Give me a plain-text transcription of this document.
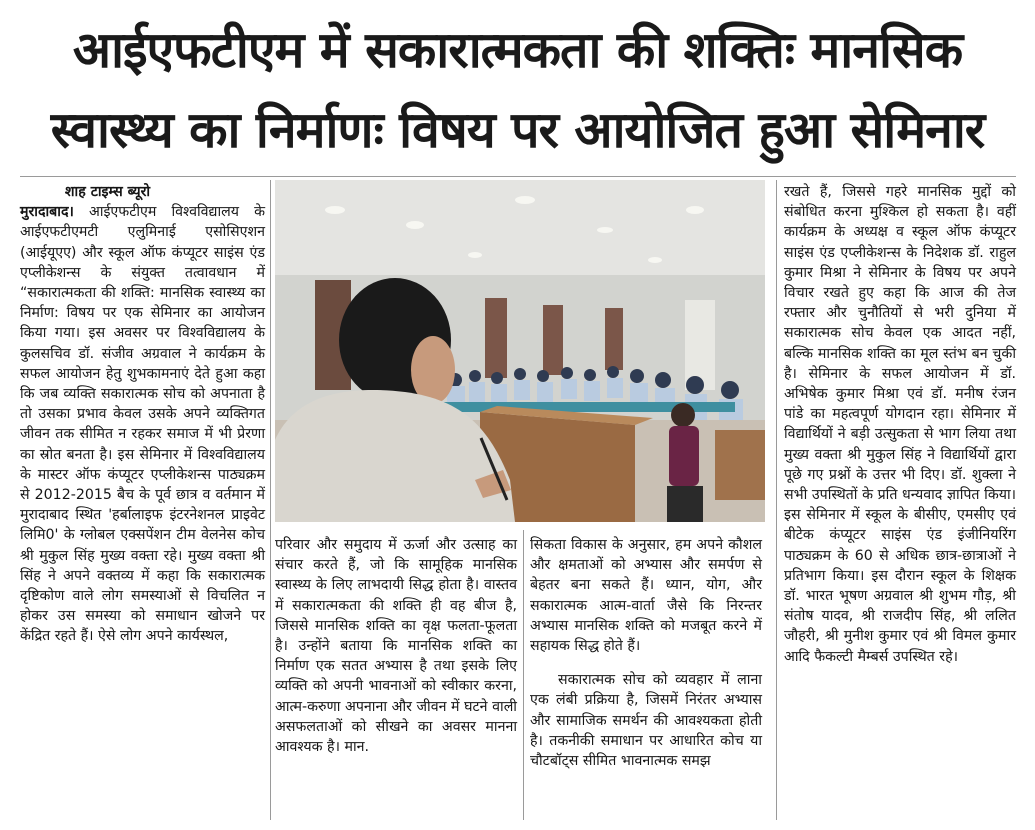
आईएफटीएम में सकारात्मकता की शक्तिः मानसिक
स्वास्थ्य का निर्माणः विषय पर आयोजित हुआ सेमिनार
शाह टाइम्स ब्यूरो

मुरादाबाद। आईएफटीएम विश्वविद्यालय के आईएफटीएमटी एलुमिनाई एसोसिएशन (आईयूएए) और स्कूल ऑफ कंप्यूटर साइंस एंड एप्लीकेशन्स के संयुक्त तत्वावधान में “सकारात्मकता की शक्ति: मानसिक स्वास्थ्य का निर्माण: विषय पर एक सेमिनार का आयोजन किया गया। इस अवसर पर विश्वविद्यालय के कुलसचिव डॉ. संजीव अग्रवाल ने कार्यक्रम के सफल आयोजन हेतु शुभकामनाएं देते हुआ कहा कि जब व्यक्ति सकारात्मक सोच को अपनाता है तो उसका प्रभाव केवल उसके अपने व्यक्तिगत जीवन तक सीमित न रहकर समाज में भी प्रेरणा का स्रोत बनता है। इस सेमिनार में विश्वविद्यालय के मास्टर ऑफ कंप्यूटर एप्लीकेशन्स पाठ्यक्रम से 2012-2015 बैच के पूर्व छात्र व वर्तमान में मुरादाबाद स्थित 'हर्बालाइफ इंटरनेशनल प्राइवेट लिमि0' के ग्लोबल एक्सपेंशन टीम वेलनेस कोच श्री मुकुल सिंह मुख्य वक्ता रहे। मुख्य वक्ता श्री सिंह ने अपने वक्तव्य में कहा कि सकारात्मक दृष्टिकोण वाले लोग समस्याओं से विचलित न होकर उस समस्या को समाधान खोजने पर केंद्रित रहते हैं। ऐसे लोग अपने कार्यस्थल,

परिवार और समुदाय में ऊर्जा और उत्साह का संचार करते हैं, जो कि सामूहिक मानसिक स्वास्थ्य के लिए लाभदायी सिद्ध होता है। वास्तव में सकारात्मकता की शक्ति ही वह बीज है, जिससे मानसिक शक्ति का वृक्ष फलता-फूलता है। उन्होंने बताया कि मानसिक शक्ति का निर्माण एक सतत अभ्यास है तथा इसके लिए व्यक्ति को अपनी भावनाओं को स्वीकार करना, आत्म-करुणा अपनाना और जीवन में घटने वाली असफलताओं को सीखने का अवसर मानना आवश्यक है। मान.

सिकता विकास के अनुसार, हम अपने कौशल और क्षमताओं को अभ्यास और समर्पण से बेहतर बना सकते हैं। ध्यान, योग, और सकारात्मक आत्म-वार्ता जैसे कि निरन्तर अभ्यास मानसिक शक्ति को मजबूत करने में सहायक सिद्ध होते हैं।

सकारात्मक सोच को व्यवहार में लाना एक लंबी प्रक्रिया है, जिसमें निरंतर अभ्यास और सामाजिक समर्थन की आवश्यकता होती है। तकनीकी समाधान पर आधारित कोच या चौटबॉट्स सीमित भावनात्मक समझ

रखते हैं, जिससे गहरे मानसिक मुद्दों को संबोधित करना मुश्किल हो सकता है। वहीं कार्यक्रम के अध्यक्ष व स्कूल ऑफ कंप्यूटर साइंस एंड एप्लीकेशन्स के निदेशक डॉ. राहुल कुमार मिश्रा ने सेमिनार के विषय पर अपने विचार रखते हुए कहा कि आज की तेज रफ्तार और चुनौतियों से भरी दुनिया में सकारात्मक सोच केवल एक आदत नहीं, बल्कि मानसिक शक्ति का मूल स्तंभ बन चुकी है। सेमिनार के सफल आयोजन में डॉ. अभिषेक कुमार मिश्रा एवं डॉ. मनीष रंजन पांडे का महत्वपूर्ण योगदान रहा। सेमिनार में विद्यार्थियों ने बड़ी उत्सुकता से भाग लिया तथा मुख्य वक्ता श्री मुकुल सिंह ने विद्यार्थियों द्वारा पूछे गए प्रश्नों के उत्तर भी दिए। डॉ. शुक्ला ने सभी उपस्थितों के प्रति धन्यवाद ज्ञापित किया। इस सेमिनार में स्कूल के बीसीए, एमसीए एवं बीटेक कंप्यूटर साइंस एंड इंजीनियरिंग पाठ्यक्रम के 60 से अधिक छात्र-छात्राओं ने प्रतिभाग किया। इस दौरान स्कूल के शिक्षक डॉ. भारत भूषण अग्रवाल श्री शुभम गौड़, श्री संतोष यादव, श्री राजदीप सिंह, श्री ललित जौहरी, श्री मुनीश कुमार एवं श्री विमल कुमार आदि फैकल्टी मैम्बर्स उपस्थित रहे।
